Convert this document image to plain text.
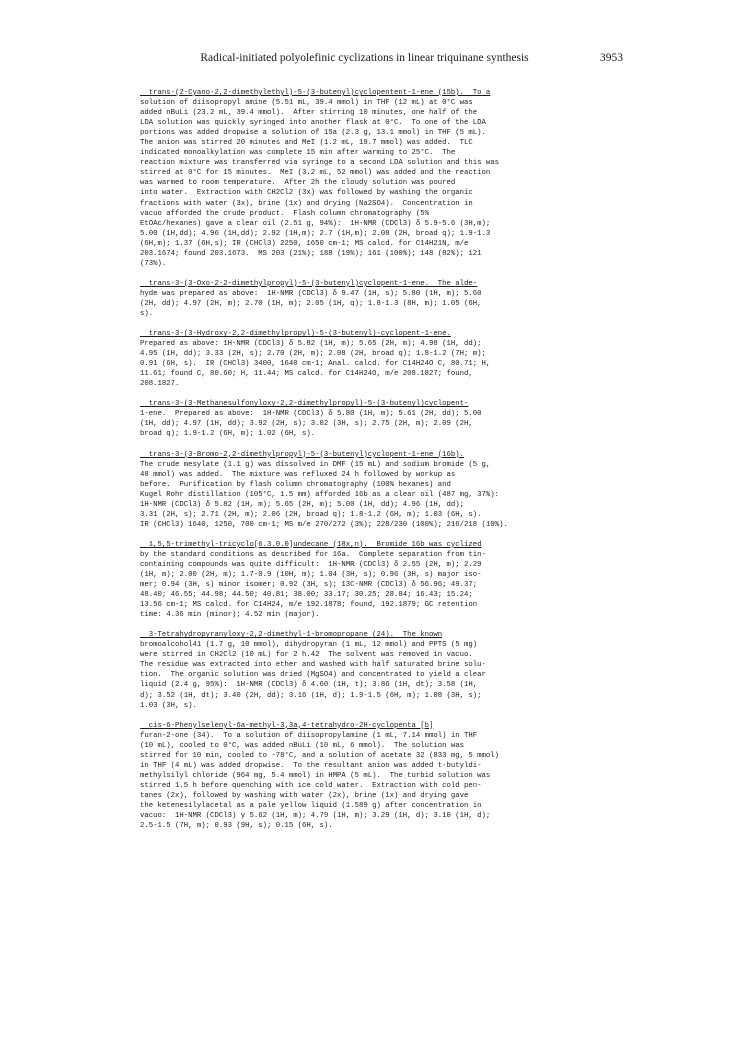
Radical-initiated polyolefinic cyclizations in linear triquinane synthesis	3953
trans-(2-Cyano-2,2-dimethylethyl)-5-(3-butenyl)cyclopentent-1-ene (15b).  To a
solution of diisopropyl amine (5.51 mL, 39.4 mmol) in THF (12 mL) at 0°C was
added nBuLi (23.2 mL, 39.4 mmol).  After stirring 10 minutes, one half of the
LDA solution was quickly syringed into another flask at 0°C.  To one of the LDA
portions was added dropwise a solution of 15a (2.3 g, 13.1 mmol) in THF (5 mL).
The anion was stirred 20 minutes and MeI (1.2 mL, 19.7 mmol) was added.  TLC
indicated monoalkylation was complete 15 min after warming to 25°C.  The
reaction mixture was transferred via syringe to a second LDA solution and this was
stirred at 0°C for 15 minutes.  MeI (3.2 mL, 52 mmol) was added and the reaction
was warmed to room temperature.  After 2h the cloudy solution was poured
into water.  Extraction with CH2Cl2 (3x) was followed by washing the organic
fractions with water (3x), brine (1x) and drying (Na2SO4).  Concentration in
vacuo afforded the crude product.  Flash column chromatography (5%
EtOAc/hexanes) gave a clear oil (2.51 g, 94%):  1H-NMR (CDCl3) δ 5.9-5.6 (3H,m);
5.00 (1H,dd); 4.96 (1H,dd); 2.92 (1H,m); 2.7 (1H,m); 2.08 (2H, broad q); 1.9-1.3
(6H,m); 1.37 (6H,s); IR (CHCl3) 2250, 1650 cm-1; MS calcd. for C14H21N, m/e
203.1674; found 203.1673.  MS 203 (21%); 188 (19%); 161 (100%); 148 (82%); 121
(73%).
trans-3-(3-Oxo-2-2-dimethylpropyl)-5-(3-butenyl)cyclopent-1-ene.  The alde-
hyde was prepared as above:  1H-NMR (CDCl3) δ 9.47 (1H, s); 5.80 (1H, m); 5.60
(2H, dd); 4.97 (2H, m); 2.70 (1H, m); 2.05 (1H, q); 1.8-1.3 (8H, m); 1.05 (6H,
s).
trans-3-(3-Hydroxy-2,2-dimethylpropyl)-5-(3-butenyl)-cyclopent-1-ene.
Prepared as above: 1H-NMR (CDCl3) δ 5.82 (1H, m); 5.65 (2H, m); 4.98 (1H, dd);
4.95 (1H, dd); 3.33 (2H, s); 2.70 (2H, m); 2.08 (2H, broad q); 1.8-1.2 (7H; m);
0.91 (6H, s).  IR (CHCl3) 3400, 1640 cm-1; Anal. calcd. for C14H24O C, 80.71; H,
11.61; found C, 80.60; H, 11.44; MS calcd. for C14H24O, m/e 208.1827; found,
208.1827.
trans-3-(3-Methanesulfonyloxy-2,2-dimethylpropyl)-5-(3-butenyl)cyclopent-
1-ene.  Prepared as above:  1H-NMR (CDCl3) δ 5.80 (1H, m); 5.61 (2H, dd); 5.00
(1H, dd); 4.97 (1H, dd); 3.92 (2H, s); 3.02 (3H, s); 2.75 (2H, m); 2.09 (2H,
broad q); 1.9-1.2 (6H, m); 1.02 (6H, s).
trans-3-(3-Bromo-2,2-dimethylpropyl)-5-(3-butenyl)cyclopent-1-ene (16b).
The crude mesylate (1.1 g) was dissolved in DMF (15 mL) and sodium bromide (5 g,
48 mmol) was added.  The mixture was refluxed 24 h followed by workup as
before.  Purification by flash column chromatography (100% hexanes) and
Kugel Rohr distillation (105°C, 1.5 mm) afforded 16b as a clear oil (487 mg, 37%):
1H-NMR (CDCl3) δ 5.82 (1H, m); 5.65 (2H, m); 5.00 (1H, dd); 4.96 (1H, dd);
3.31 (2H, s); 2.71 (2H, m); 2.06 (2H, broad q); 1.8-1.2 (6H, m); 1.03 (6H, s).
IR (CHCl3) 1640, 1250, 700 cm-1; MS m/e 270/272 (3%); 228/230 (100%); 216/218 (10%).
1,5,5-trimethyl-tricyclo[6.3.0.0]undecane (18x,n).  Bromide 16b was cyclized
by the standard conditions as described for 16a.  Complete separation from tin-
containing compounds was quite difficult:  1H-NMR (CDCl3) δ 2.55 (2H, m); 2.29
(1H, m); 2.00 (2H, m); 1.7-0.9 (10H, m); 1.04 (3H, s); 0.96 (3H, s) major iso-
mer; 0.94 (3H, s) minor isomer; 0.92 (3H, s); 13C-NMR (CDCl3) δ 56.96; 49.37;
48.40; 46.55; 44.98; 44.50; 40.81; 38.00; 33.17; 30.25; 28.84; 16.43; 15.24;
13.56 cm-1; MS calcd. for C14H24, m/e 192.1878; found, 192.1879; GC retention
time: 4.36 min (minor); 4.52 min (major).
3-Tetrahydropyranyloxy-2,2-dimethyl-1-bromopropane (24).  The known
bromoalcohol41 (1.7 g, 10 mmol), dihydropyran (1 mL, 12 mmol) and PPTS (5 mg)
were stirred in CH2Cl2 (10 mL) for 2 h.42  The solvent was removed in vacuo.
The residue was extracted into ether and washed with half saturated brine solu-
tion.  The organic solution was dried (MgSO4) and concentrated to yield a clear
liquid (2.4 g, 95%):  1H-NMR (CDCl3) δ 4.60 (1H, t); 3.86 (1H, dt); 3.58 (1H,
d); 3.52 (1H, dt); 3.40 (2H, dd); 3.16 (1H, d); 1.9-1.5 (6H, m); 1.08 (3H, s);
1.03 (3H, s).
cis-6-Phenylselenyl-6a-methyl-3,3a,4-tetrahydro-2H-cyclopenta [b]
furan-2-one (34).  To a solution of diisopropylamine (1 mL, 7.14 mmol) in THF
(10 mL), cooled to 0°C, was added nBuLi (10 mL, 6 mmol).  The solution was
stirred for 10 min, cooled to -78°C, and a solution of acetate 32 (833 mg, 5 mmol)
in THF (4 mL) was added dropwise.  To the resultant anion was added t-butyldi-
methylsilyl chloride (964 mg, 5.4 mmol) in HMPA (5 mL).  The turbid solution was
stirred 1.5 h before quenching with ice cold water.  Extraction with cold pen-
tanes (2x), followed by washing with water (2x), brine (1x) and drying gave
the ketenesilylacetal as a pale yellow liquid (1.589 g) after concentration in
vacuo:  1H-NMR (CDCl3) γ 5.62 (1H, m); 4.79 (1H, m); 3.29 (1H, d); 3.10 (1H, d);
2.5-1.5 (7H, m); 0.93 (9H, s); 0.15 (6H, s).
